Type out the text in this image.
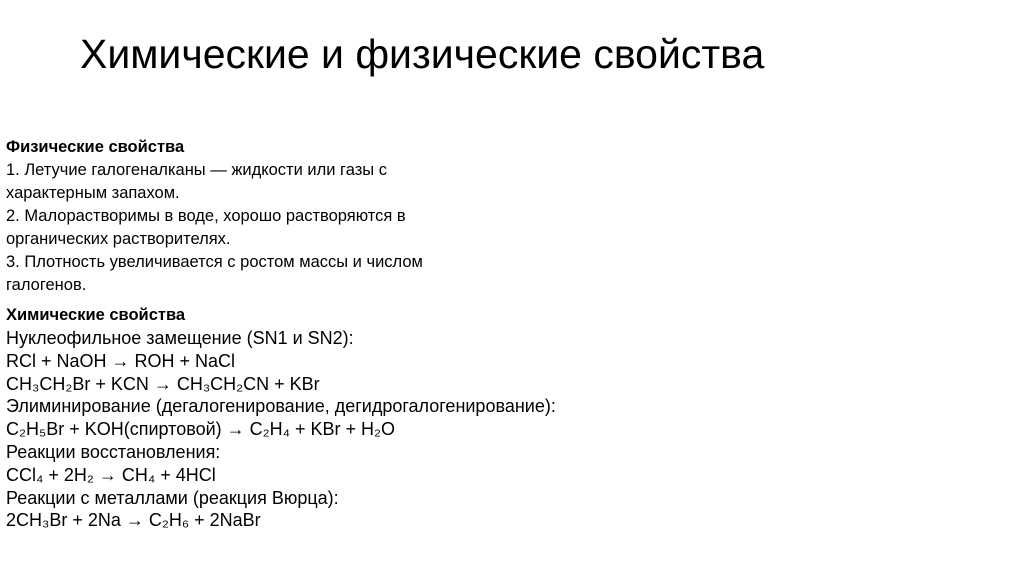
Химические и физические свойства
Физические свойства
1. Летучие галогеналканы — жидкости или газы с
характерным запахом.
2. Малорастворимы в воде, хорошо растворяются в
органических растворителях.
3. Плотность увеличивается с ростом массы и числом
галогенов.
Химические свойства
Нуклеофильное замещение (SN1 и SN2):
RCl + NaOH → ROH + NaCl
CH₃CH₂Br + KCN → CH₃CH₂CN + KBr
Элиминирование (дегалогенирование, дегидрогалогенирование):
C₂H₅Br + KOH(спиртовой) → C₂H₄ + KBr + H₂O
Реакции восстановления:
CCl₄ + 2H₂ → CH₄ + 4HCl
Реакции с металлами (реакция Вюрца):
2CH₃Br + 2Na → C₂H₆ + 2NaBr
